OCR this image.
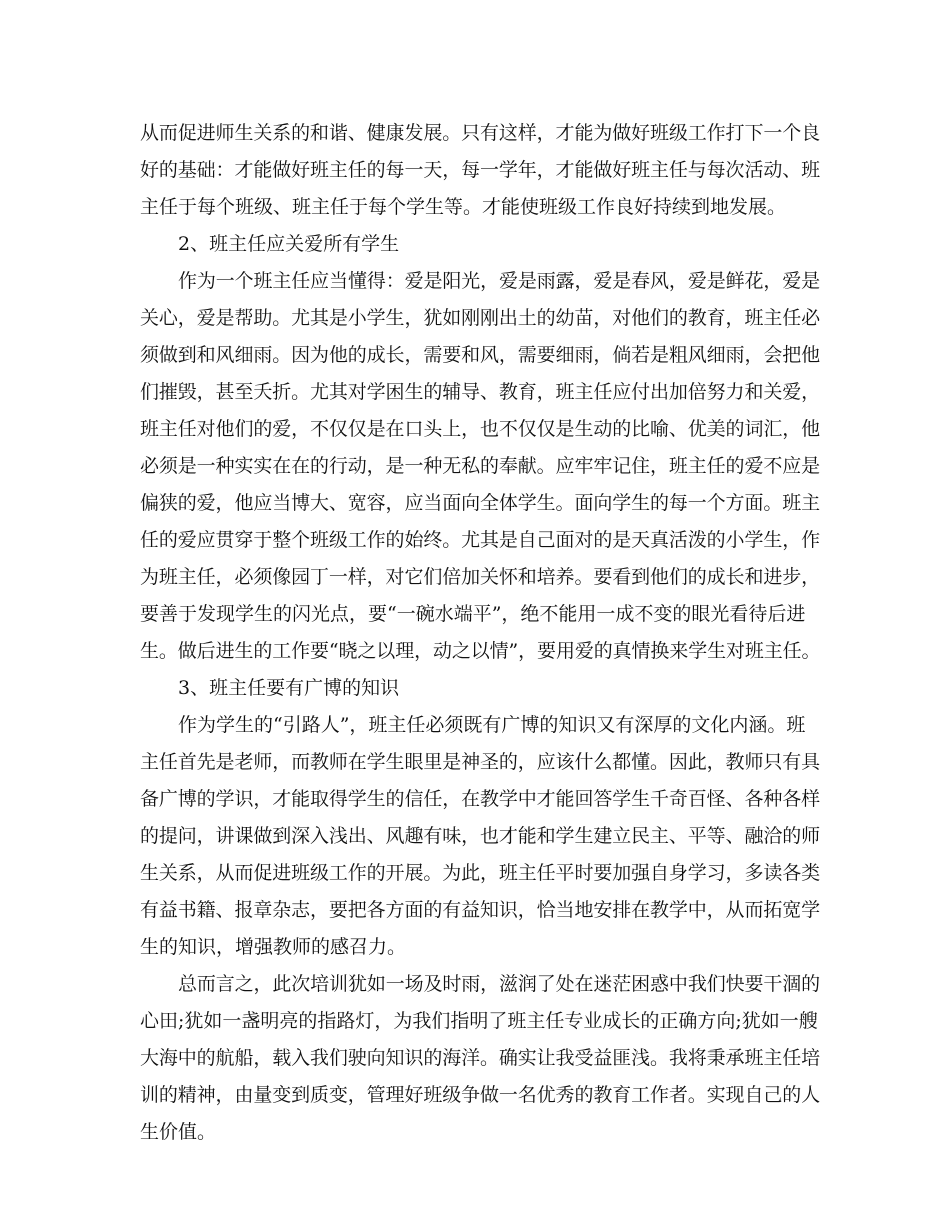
从而促进师生关系的和谐、健康发展。只有这样，才能为做好班级工作打下一个良
好的基础：才能做好班主任的每一天，每一学年，才能做好班主任与每次活动、班
主任于每个班级、班主任于每个学生等。才能使班级工作良好持续到地发展。
2、班主任应关爱所有学生
作为一个班主任应当懂得：爱是阳光，爱是雨露，爱是春风，爱是鲜花，爱是
关心，爱是帮助。尤其是小学生，犹如刚刚出土的幼苗，对他们的教育，班主任必
须做到和风细雨。因为他的成长，需要和风，需要细雨，倘若是粗风细雨，会把他
们摧毁，甚至夭折。尤其对学困生的辅导、教育，班主任应付出加倍努力和关爱，
班主任对他们的爱，不仅仅是在口头上，也不仅仅是生动的比喻、优美的词汇，他
必须是一种实实在在的行动，是一种无私的奉献。应牢牢记住，班主任的爱不应是
偏狭的爱，他应当博大、宽容，应当面向全体学生。面向学生的每一个方面。班主
任的爱应贯穿于整个班级工作的始终。尤其是自己面对的是天真活泼的小学生，作
为班主任，必须像园丁一样，对它们倍加关怀和培养。要看到他们的成长和进步，
要善于发现学生的闪光点，要“一碗水端平”，绝不能用一成不变的眼光看待后进
生。做后进生的工作要“晓之以理，动之以情”，要用爱的真情换来学生对班主任。
3、班主任要有广博的知识
作为学生的“引路人”，班主任必须既有广博的知识又有深厚的文化内涵。班
主任首先是老师，而教师在学生眼里是神圣的，应该什么都懂。因此，教师只有具
备广博的学识，才能取得学生的信任，在教学中才能回答学生千奇百怪、各种各样
的提问，讲课做到深入浅出、风趣有味，也才能和学生建立民主、平等、融洽的师
生关系，从而促进班级工作的开展。为此，班主任平时要加强自身学习，多读各类
有益书籍、报章杂志，要把各方面的有益知识，恰当地安排在教学中，从而拓宽学
生的知识，增强教师的感召力。
总而言之，此次培训犹如一场及时雨，滋润了处在迷茫困惑中我们快要干涸的
心田;犹如一盏明亮的指路灯，为我们指明了班主任专业成长的正确方向;犹如一艘
大海中的航船，载入我们驶向知识的海洋。确实让我受益匪浅。我将秉承班主任培
训的精神，由量变到质变，管理好班级争做一名优秀的教育工作者。实现自己的人
生价值。
